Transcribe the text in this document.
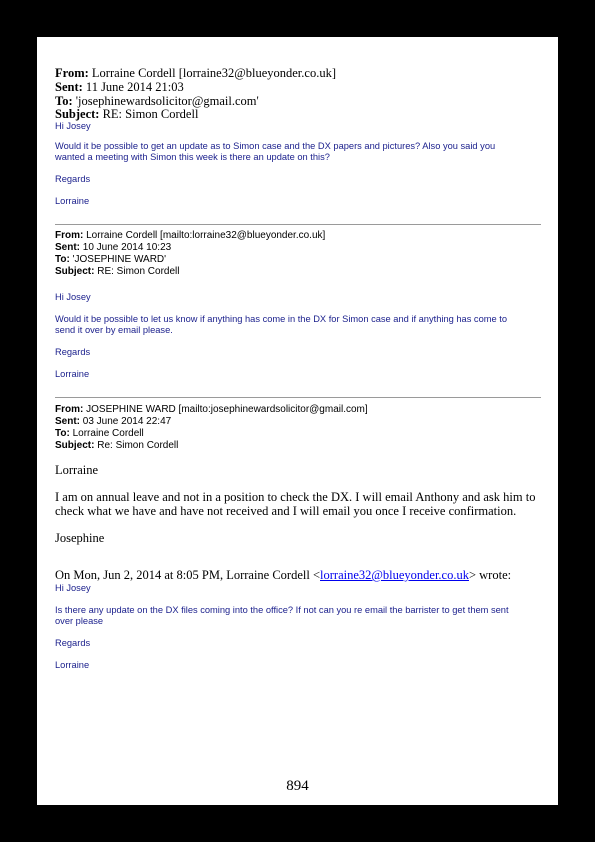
From: Lorraine Cordell [lorraine32@blueyonder.co.uk]
Sent: 11 June 2014 21:03
To: 'josephinewardsolicitor@gmail.com'
Subject: RE: Simon Cordell
Hi Josey
Would it be possible to get an update as to Simon case and the DX papers and pictures? Also you said you
wanted a meeting with Simon this week is there an update on this?
Regards
Lorraine
From: Lorraine Cordell [mailto:lorraine32@blueyonder.co.uk]
Sent: 10 June 2014 10:23
To: 'JOSEPHINE WARD'
Subject: RE: Simon Cordell
Hi Josey
Would it be possible to let us know if anything has come in the DX for Simon case and if anything has come to
send it over by email please.
Regards
Lorraine
From: JOSEPHINE WARD [mailto:josephinewardsolicitor@gmail.com]
Sent: 03 June 2014 22:47
To: Lorraine Cordell
Subject: Re: Simon Cordell
Lorraine
I am on annual leave and not in a position to check the DX. I will email Anthony and ask him to
check what we have and have not received and I will email you once I receive confirmation.
Josephine
On Mon, Jun 2, 2014 at 8:05 PM, Lorraine Cordell <lorraine32@blueyonder.co.uk> wrote:
Hi Josey
Is there any update on the DX files coming into the office? If not can you re email the barrister to get them sent
over please
Regards
Lorraine
894
